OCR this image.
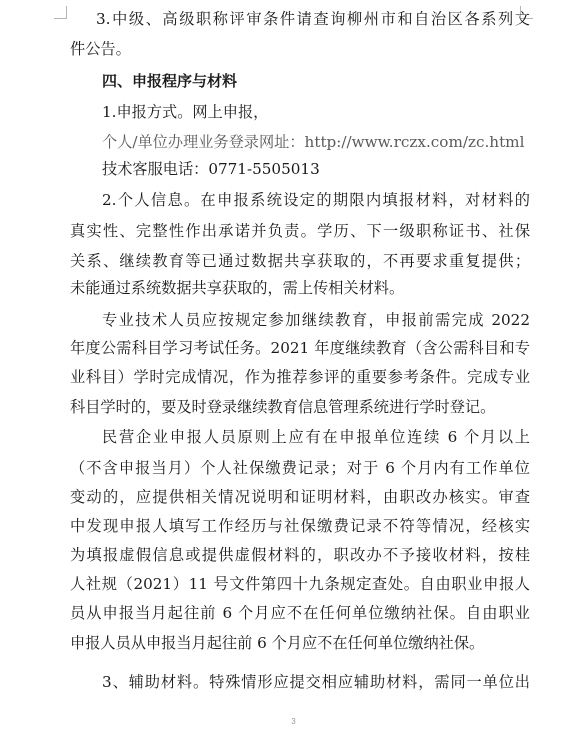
3.中级、高级职称评审条件请查询柳州市和自治区各系列文
件公告。
四、申报程序与材料
1.申报方式。网上申报，
个人/单位办理业务登录网址：http://www.rczx.com/zc.html
技术客服电话：0771-5505013
2.个人信息。在申报系统设定的期限内填报材料，对材料的
真实性、完整性作出承诺并负责。学历、下一级职称证书、社保
关系、继续教育等已通过数据共享获取的，不再要求重复提供；
未能通过系统数据共享获取的，需上传相关材料。
专业技术人员应按规定参加继续教育，申报前需完成 2022
年度公需科目学习考试任务。2021 年度继续教育（含公需科目和专
业科目）学时完成情况，作为推荐参评的重要参考条件。完成专业
科目学时的，要及时登录继续教育信息管理系统进行学时登记。
民营企业申报人员原则上应有在申报单位连续 6 个月以上
（不含申报当月）个人社保缴费记录；对于 6 个月内有工作单位
变动的，应提供相关情况说明和证明材料，由职改办核实。审查
中发现申报人填写工作经历与社保缴费记录不符等情况，经核实
为填报虚假信息或提供虚假材料的，职改办不予接收材料，按桂
人社规（2021）11 号文件第四十九条规定查处。自由职业申报人
员从申报当月起往前 6 个月应不在任何单位缴纳社保。自由职业
申报人员从申报当月起往前 6 个月应不在任何单位缴纳社保。
3、辅助材料。特殊情形应提交相应辅助材料，需同一单位出
3
